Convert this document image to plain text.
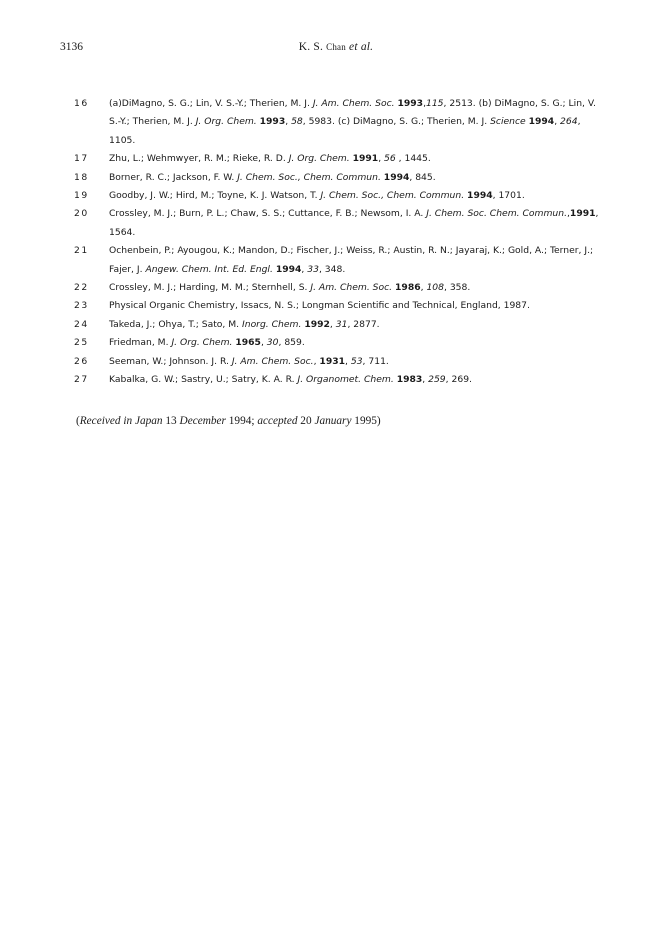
3136	K. S. Chan et al.
16	(a)DiMagno, S. G.; Lin, V. S.-Y.; Therien, M. J. J. Am. Chem. Soc. 1993,115, 2513. (b) DiMagno, S. G.; Lin, V. S.-Y.; Therien, M. J. J. Org. Chem. 1993, 58, 5983. (c) DiMagno, S. G.; Therien, M. J. Science 1994, 264, 1105.
17	Zhu, L.; Wehmwyer, R. M.; Rieke, R. D. J. Org. Chem. 1991, 56 , 1445.
18	Borner, R. C.; Jackson, F. W. J. Chem. Soc., Chem. Commun. 1994, 845.
19	Goodby, J. W.; Hird, M.; Toyne, K. J. Watson, T. J. Chem. Soc., Chem. Commun. 1994, 1701.
20	Crossley, M. J.; Burn, P. L.; Chaw, S. S.; Cuttance, F. B.; Newsom, I. A. J. Chem. Soc. Chem. Commun.,1991, 1564.
21	Ochenbein, P.; Ayougou, K.; Mandon, D.; Fischer, J.; Weiss, R.; Austin, R. N.; Jayaraj, K.; Gold, A.; Terner, J.; Fajer, J. Angew. Chem. Int. Ed. Engl. 1994, 33, 348.
22	Crossley, M. J.; Harding, M. M.; Sternhell, S. J. Am. Chem. Soc. 1986, 108, 358.
23	Physical Organic Chemistry, Issacs, N. S.; Longman Scientific and Technical, England, 1987.
24	Takeda, J.; Ohya, T.; Sato, M. Inorg. Chem. 1992, 31, 2877.
25	Friedman, M. J. Org. Chem. 1965, 30, 859.
26	Seeman, W.; Johnson. J. R. J. Am. Chem. Soc., 1931, 53, 711.
27	Kabalka, G. W.; Sastry, U.; Satry, K. A. R. J. Organomet. Chem. 1983, 259, 269.
(Received in Japan 13 December 1994; accepted 20 January 1995)
